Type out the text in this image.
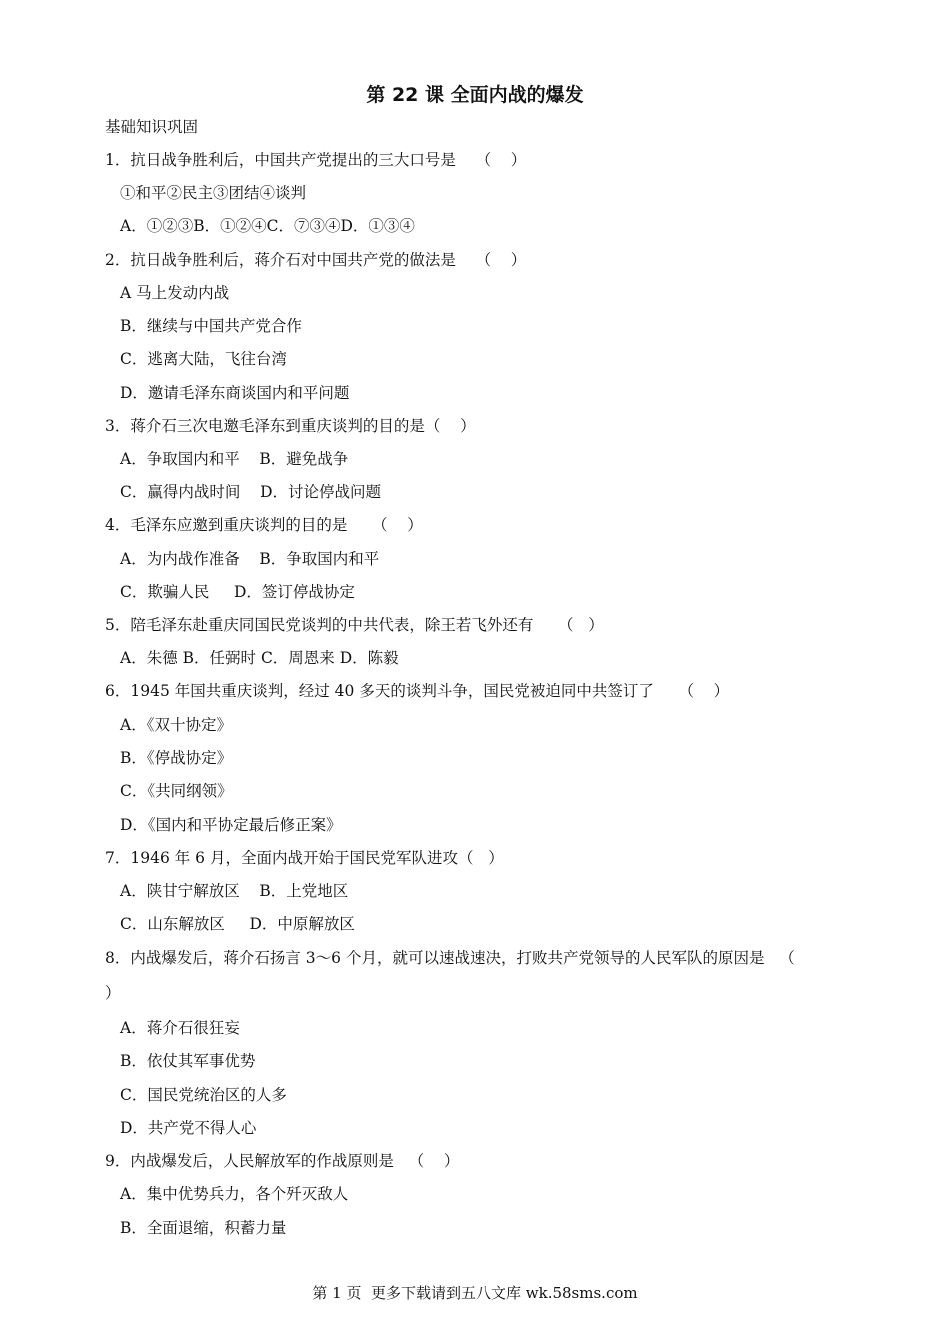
第 22 课 全面内战的爆发
基础知识巩固
1．抗日战争胜利后，中国共产党提出的三大口号是    （    ）
①和平②民主③团结④谈判
A．①②③B．①②④C．⑦③④D．①③④
2．抗日战争胜利后，蒋介石对中国共产党的做法是    （    ）
A 马上发动内战
B．继续与中国共产党合作
C．逃离大陆，飞往台湾
D．邀请毛泽东商谈国内和平问题
3．蒋介石三次电邀毛泽东到重庆谈判的目的是（    ）
A．争取国内和平    B．避免战争
C．赢得内战时间    D．讨论停战问题
4．毛泽东应邀到重庆谈判的目的是     （    ）
A．为内战作准备    B．争取国内和平
C．欺骗人民     D．签订停战协定
5．陪毛泽东赴重庆同国民党谈判的中共代表，除王若飞外还有     （   ）
A．朱德 B．任弼时 C．周恩来 D．陈毅
6．1945 年国共重庆谈判，经过 40 多天的谈判斗争，国民党被迫同中共签订了     （    ）
A．《双十协定》
B．《停战协定》
C．《共同纲领》
D．《国内和平协定最后修正案》
7．1946 年 6 月，全面内战开始于国民党军队进攻（   ）
A．陕甘宁解放区    B．上党地区
C．山东解放区     D．中原解放区
8．内战爆发后，蒋介石扬言 3～6 个月，就可以速战速决，打败共产党领导的人民军队的原因是   （
）
A．蒋介石很狂妄
B．依仗其军事优势
C．国民党统治区的人多
D．共产党不得人心
9．内战爆发后，人民解放军的作战原则是   （    ）
A．集中优势兵力，各个歼灭敌人
B．全面退缩，积蓄力量
第 1 页  更多下载请到五八文库 wk.58sms.com
